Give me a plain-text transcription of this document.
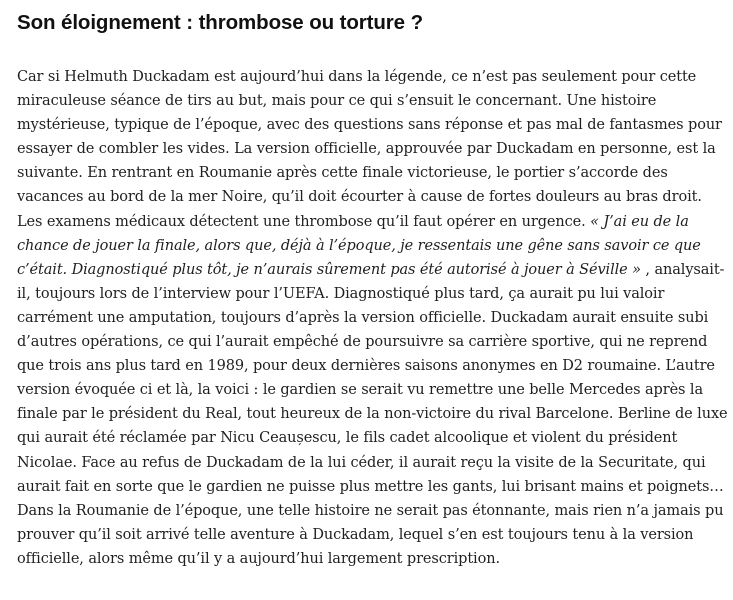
Son éloignement : thrombose ou torture ?

Car si Helmuth Duckadam est aujourd’hui dans la légende, ce n’est pas seulement pour cette miraculeuse séance de tirs au but, mais pour ce qui s’ensuit le concernant. Une histoire mystérieuse, typique de l’époque, avec des questions sans réponse et pas mal de fantasmes pour essayer de combler les vides. La version officielle, approuvée par Duckadam en personne, est la suivante. En rentrant en Roumanie après cette finale victorieuse, le portier s’accorde des vacances au bord de la mer Noire, qu’il doit écourter à cause de fortes douleurs au bras droit. Les examens médicaux détectent une thrombose qu’il faut opérer en urgence. « J’ai eu de la chance de jouer la finale, alors que, déjà à l’époque, je ressentais une gêne sans savoir ce que c’était. Diagnostiqué plus tôt, je n’aurais sûrement pas été autorisé à jouer à Séville » , analysait-il, toujours lors de l’interview pour l’UEFA. Diagnostiqué plus tard, ça aurait pu lui valoir carrément une amputation, toujours d’après la version officielle. Duckadam aurait ensuite subi d’autres opérations, ce qui l’aurait empêché de poursuivre sa carrière sportive, qui ne reprend que trois ans plus tard en 1989, pour deux dernières saisons anonymes en D2 roumaine. L’autre version évoquée ci et là, la voici : le gardien se serait vu remettre une belle Mercedes après la finale par le président du Real, tout heureux de la non-victoire du rival Barcelone. Berline de luxe qui aurait été réclamée par Nicu Ceaușescu, le fils cadet alcoolique et violent du président Nicolae. Face au refus de Duckadam de la lui céder, il aurait reçu la visite de la Securitate, qui aurait fait en sorte que le gardien ne puisse plus mettre les gants, lui brisant mains et poignets… Dans la Roumanie de l’époque, une telle histoire ne serait pas étonnante, mais rien n’a jamais pu prouver qu’il soit arrivé telle aventure à Duckadam, lequel s’en est toujours tenu à la version officielle, alors même qu’il y a aujourd’hui largement prescription.
